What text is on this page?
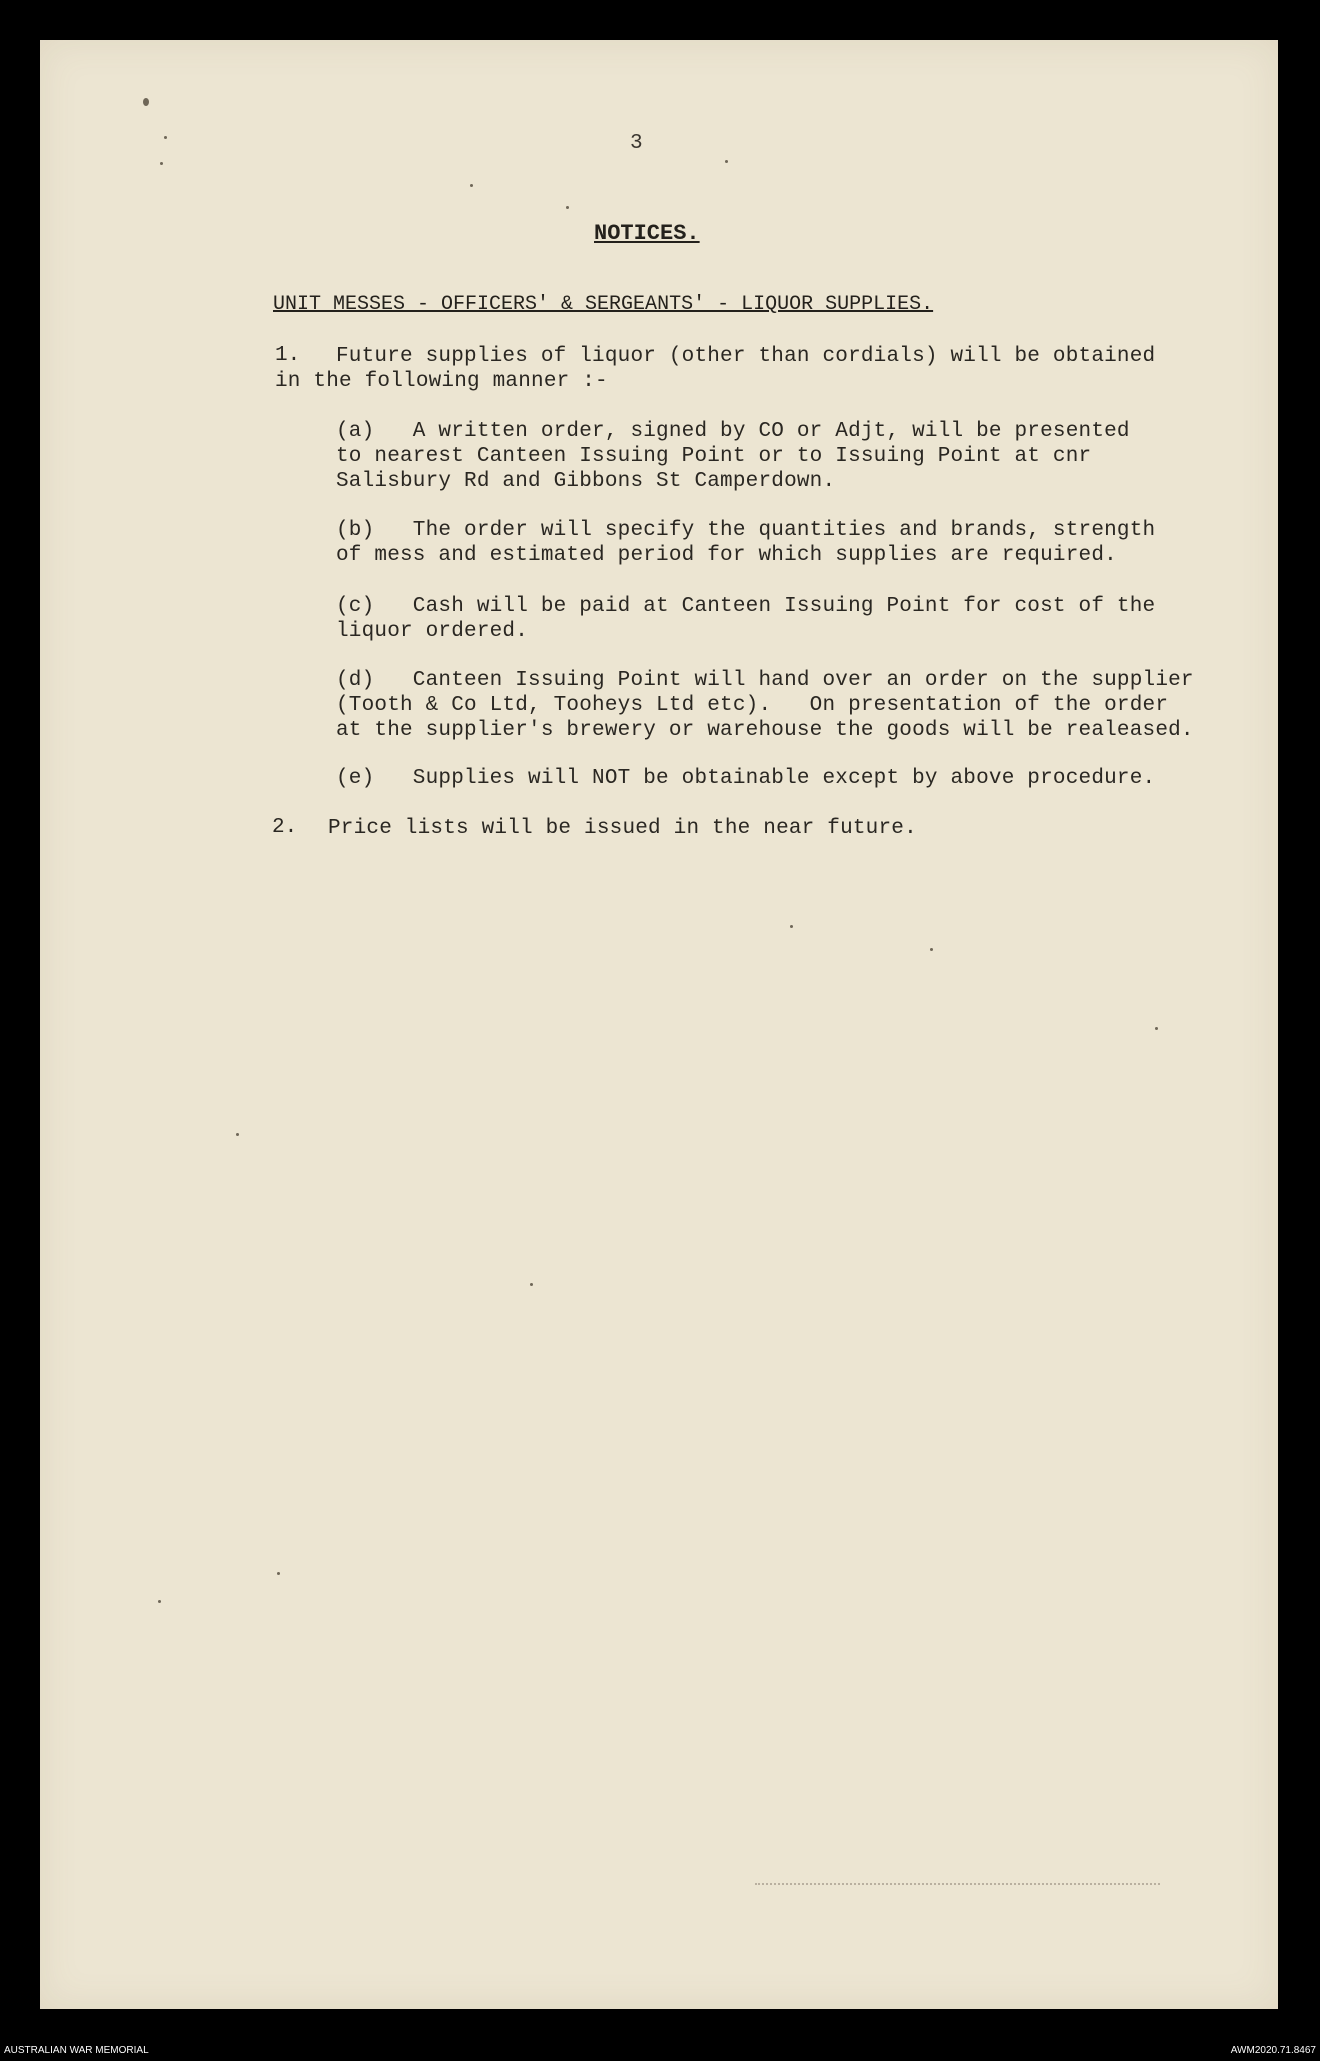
3
NOTICES.
UNIT MESSES - OFFICERS' & SERGEANTS' - LIQUOR SUPPLIES.
1. Future supplies of liquor (other than cordials) will be obtained
in the following manner :-
(a)   A written order, signed by CO or Adjt, will be presented
to nearest Canteen Issuing Point or to Issuing Point at cnr
Salisbury Rd and Gibbons St Camperdown.
(b)   The order will specify the quantities and brands, strength
of mess and estimated period for which supplies are required.
(c)   Cash will be paid at Canteen Issuing Point for cost of the
liquor ordered.
(d)   Canteen Issuing Point will hand over an order on the supplier
(Tooth & Co Ltd, Tooheys Ltd etc).   On presentation of the order
at the supplier's brewery or warehouse the goods will be realeased.
(e)   Supplies will NOT be obtainable except by above procedure.
2. Price lists will be issued in the near future.
AUSTRALIAN WAR MEMORIAL	AWM2020.71.8467
